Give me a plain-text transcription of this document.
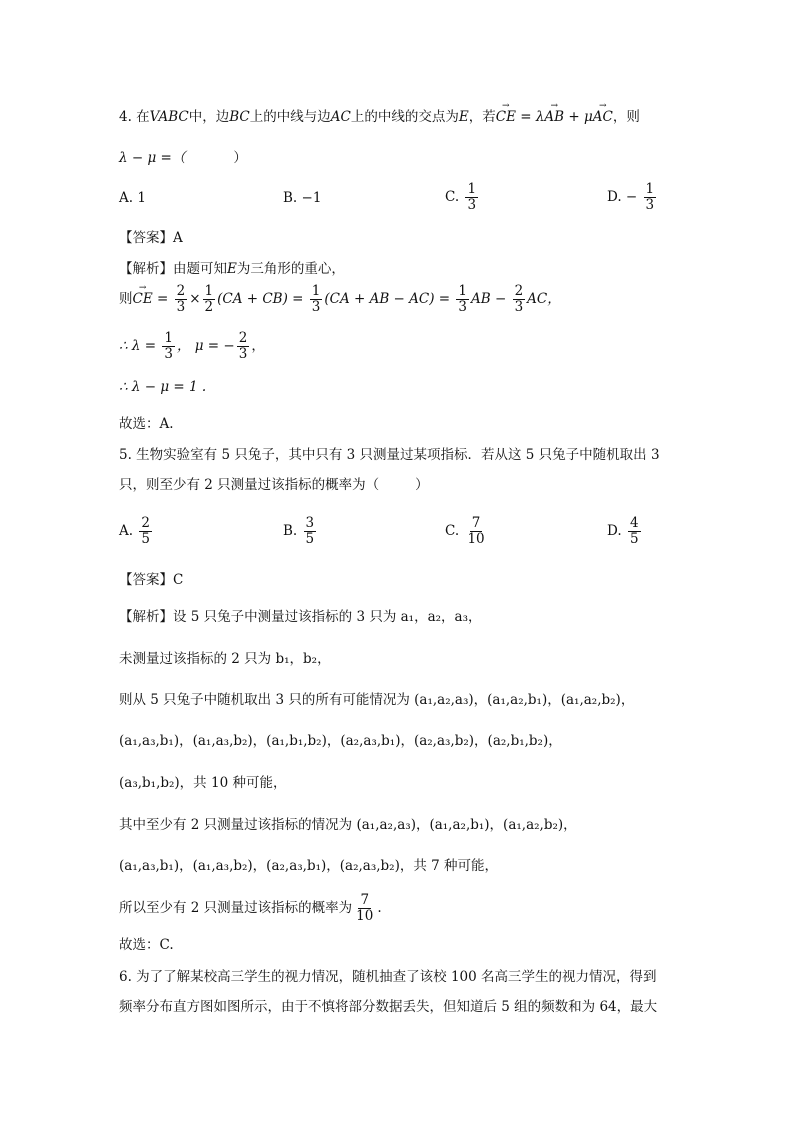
4. 在VABC中，边BC上的中线与边AC上的中线的交点为E，若→ CE = λ→ AB + μ→ AC，则
λ − μ =（	）
A. 1	B. −1	C. $\frac{1}{3}$	D. − $\frac{1}{3}$
【答案】A
【解析】由题可知E为三角形的重心，
则→ CE = $\frac{2}{3} \times \frac{1}{2} (CA + CB) = \frac{1}{3} (CA$ + AB − $AC) = \frac{1}{3}$ AB − $\frac{2}{3}$ AC，
∴ $\lambda = \frac{1}{3}$ ， μ = − $\frac{2}{3}$ ，
∴ λ − μ = 1 .
故选：A.
5. 生物实验室有 5 只兔子，其中只有 3 只测量过某项指标．若从这 5 只兔子中随机取出 3
只，则至少有 2 只测量过该指标的概率为（	）
A. $\frac{2}{5}$	B. $\frac{3}{5}$	C. $\frac{7}{10}$	D. $\frac{4}{5}$
【答案】C
【解析】设 5 只兔子中测量过该指标的 3 只为 a₁，a₂，a₃，
未测量过该指标的 2 只为 b₁，b₂，
则从 5 只兔子中随机取出 3 只的所有可能情况为 (a₁,a₂,a₃)，(a₁,a₂,b₁)，(a₁,a₂,b₂)，
(a₁,a₃,b₁)，(a₁,a₃,b₂)，(a₁,b₁,b₂)，(a₂,a₃,b₁)，(a₂,a₃,b₂)，(a₂,b₁,b₂)，
(a₃,b₁,b₂)，共 10 种可能，
其中至少有 2 只测量过该指标的情况为 (a₁,a₂,a₃)，(a₁,a₂,b₁)，(a₁,a₂,b₂)，
(a₁,a₃,b₁)，(a₁,a₃,b₂)，(a₂,a₃,b₁)，(a₂,a₃,b₂)，共 7 种可能，
所以至少有 2 只测量过该指标的概率为 $\frac{7}{10}$ .
故选：C.
6. 为了了解某校高三学生的视力情况，随机抽查了该校 100 名高三学生的视力情况，得到
频率分布直方图如图所示，由于不慎将部分数据丢失，但知道后 5 组的频数和为 64，最大
